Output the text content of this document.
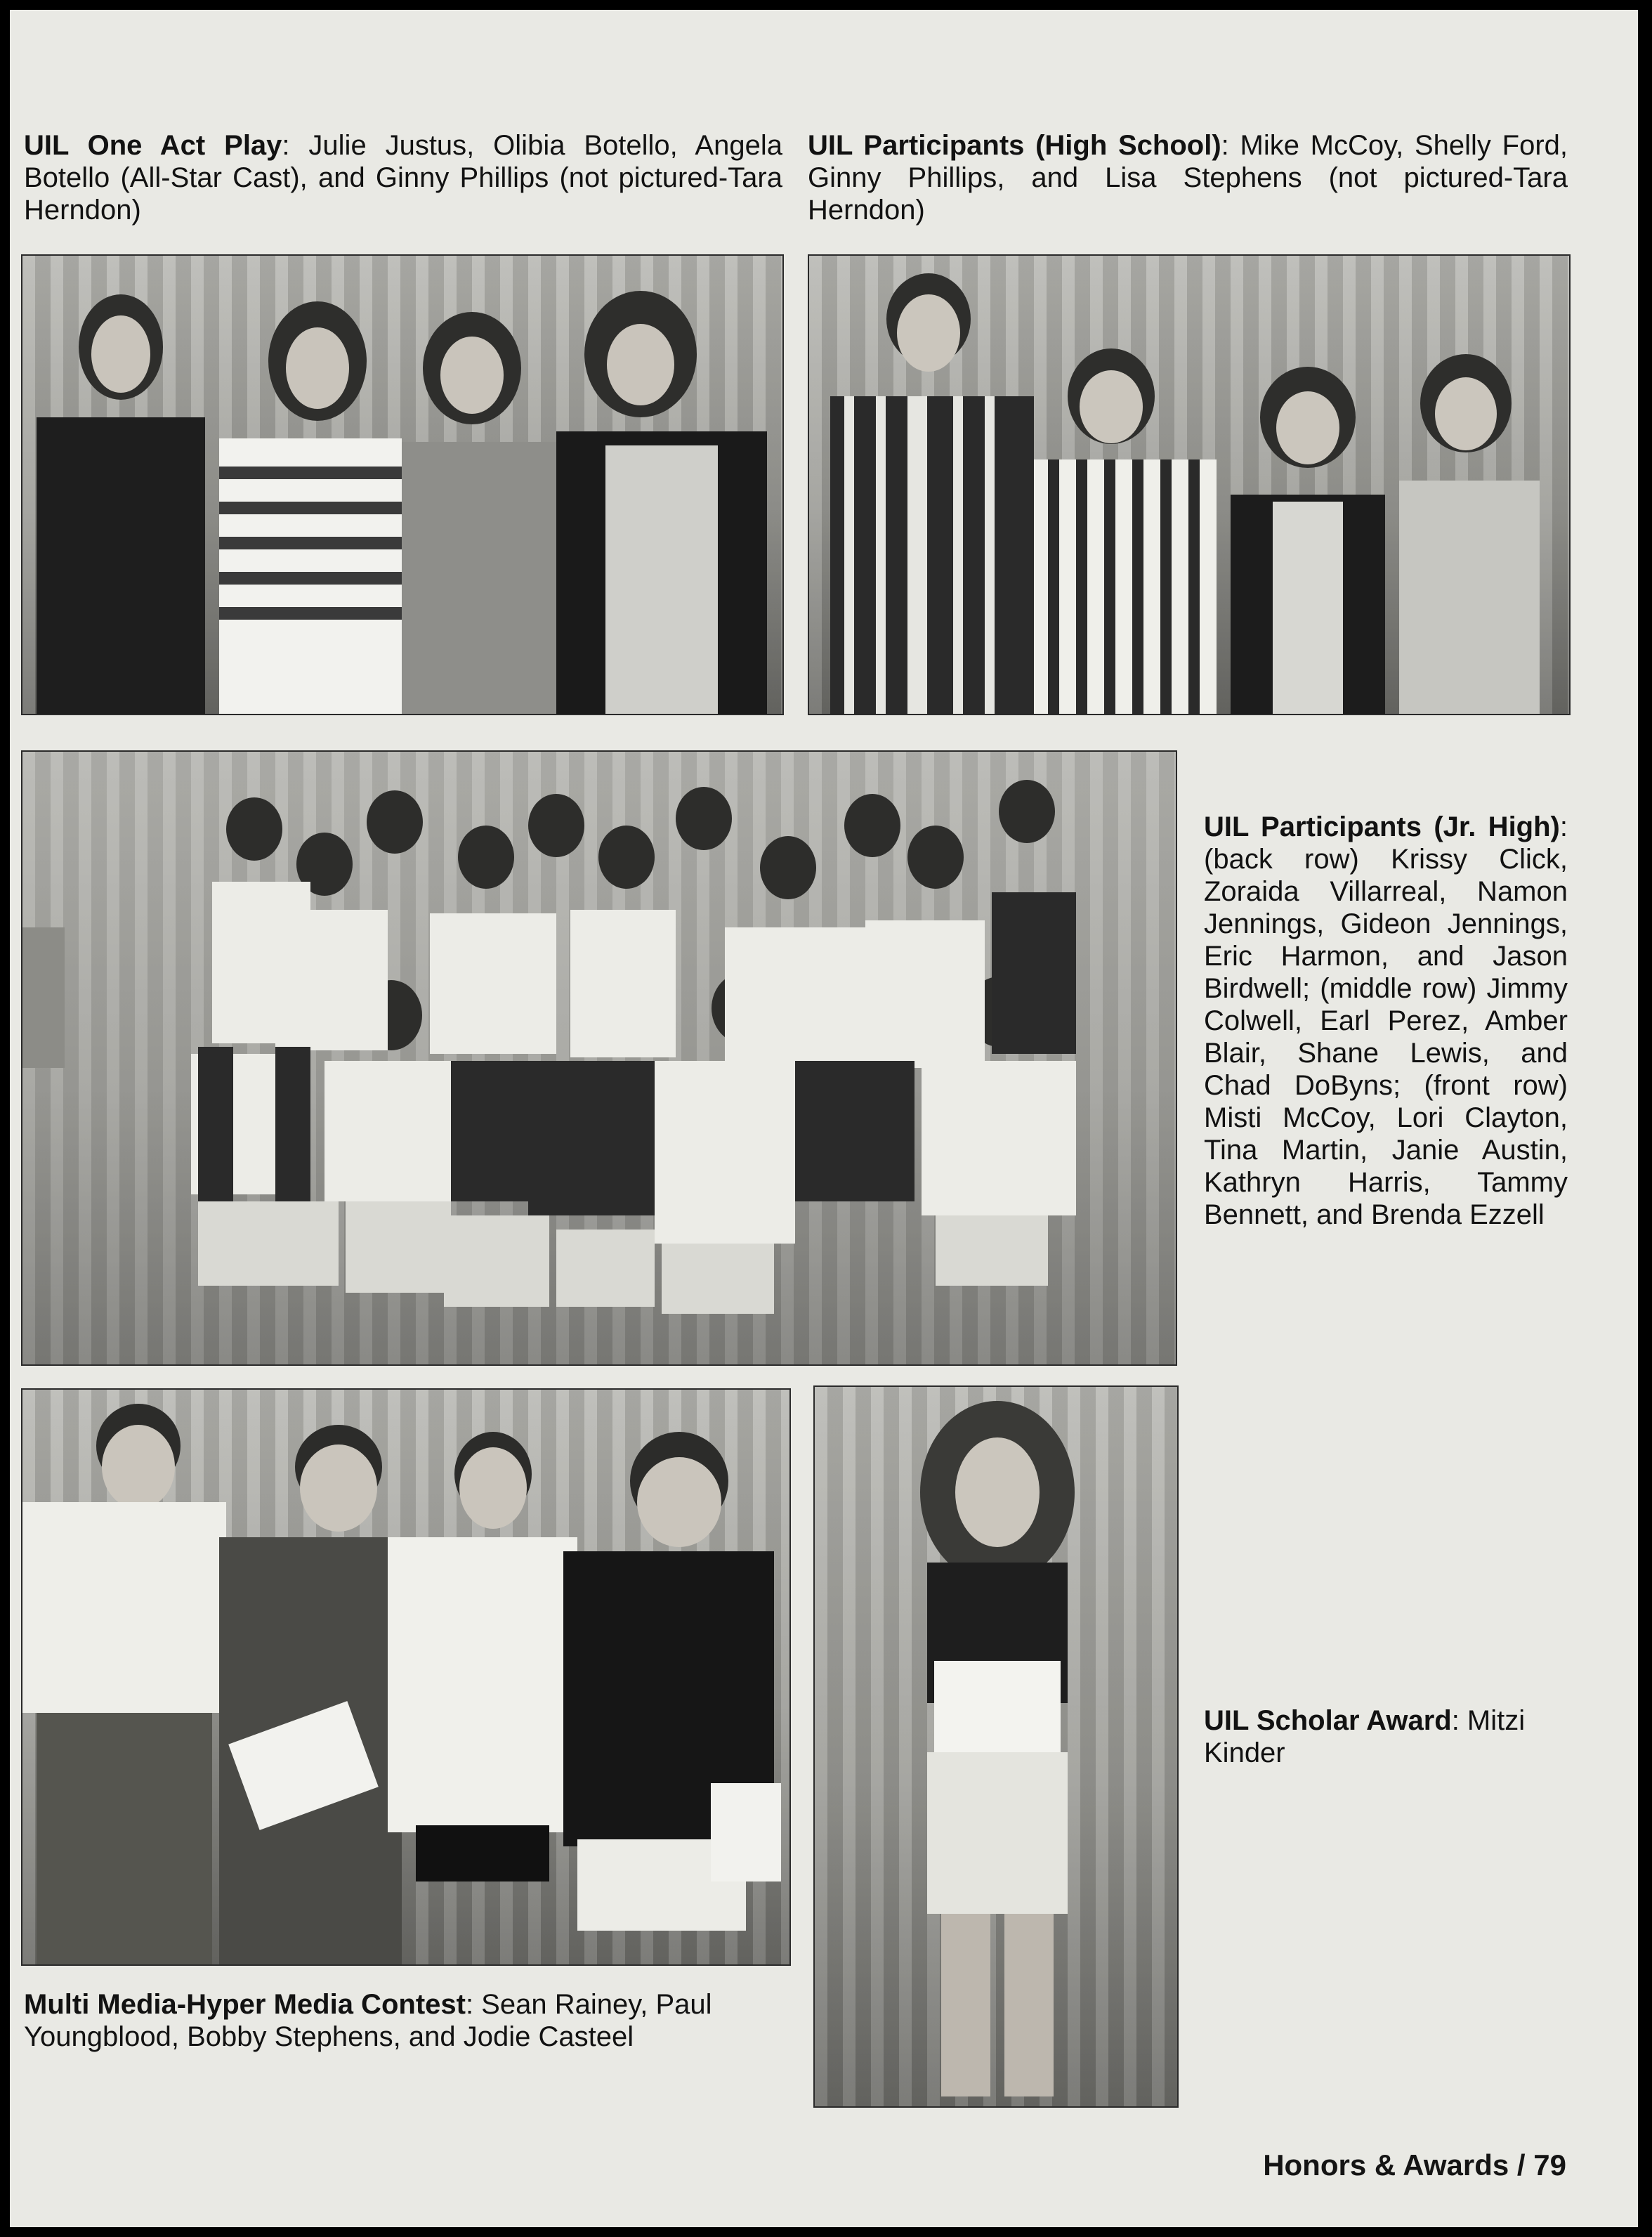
UIL One Act Play: Julie Justus, Olibia Botello, Angela Botello (All-Star Cast), and Ginny Phillips (not pictured-Tara Herndon)

UIL Participants (High School): Mike McCoy, Shelly Ford, Ginny Phillips, and Lisa Stephens (not pictured-Tara Herndon)

UIL Participants (Jr. High): (back row) Krissy Click, Zoraida Villarreal, Namon Jennings, Gideon Jennings, Eric Harmon, and Jason Birdwell; (middle row) Jimmy Colwell, Earl Perez, Amber Blair, Shane Lewis, and Chad DoByns; (front row) Misti McCoy, Lori Clayton, Tina Martin, Janie Austin, Kathryn Harris, Tammy Bennett, and Brenda Ezzell

Multi Media-Hyper Media Contest: Sean Rainey, Paul Youngblood, Bobby Stephens, and Jodie Casteel

UIL Scholar Award: Mitzi Kinder

Honors & Awards / 79
